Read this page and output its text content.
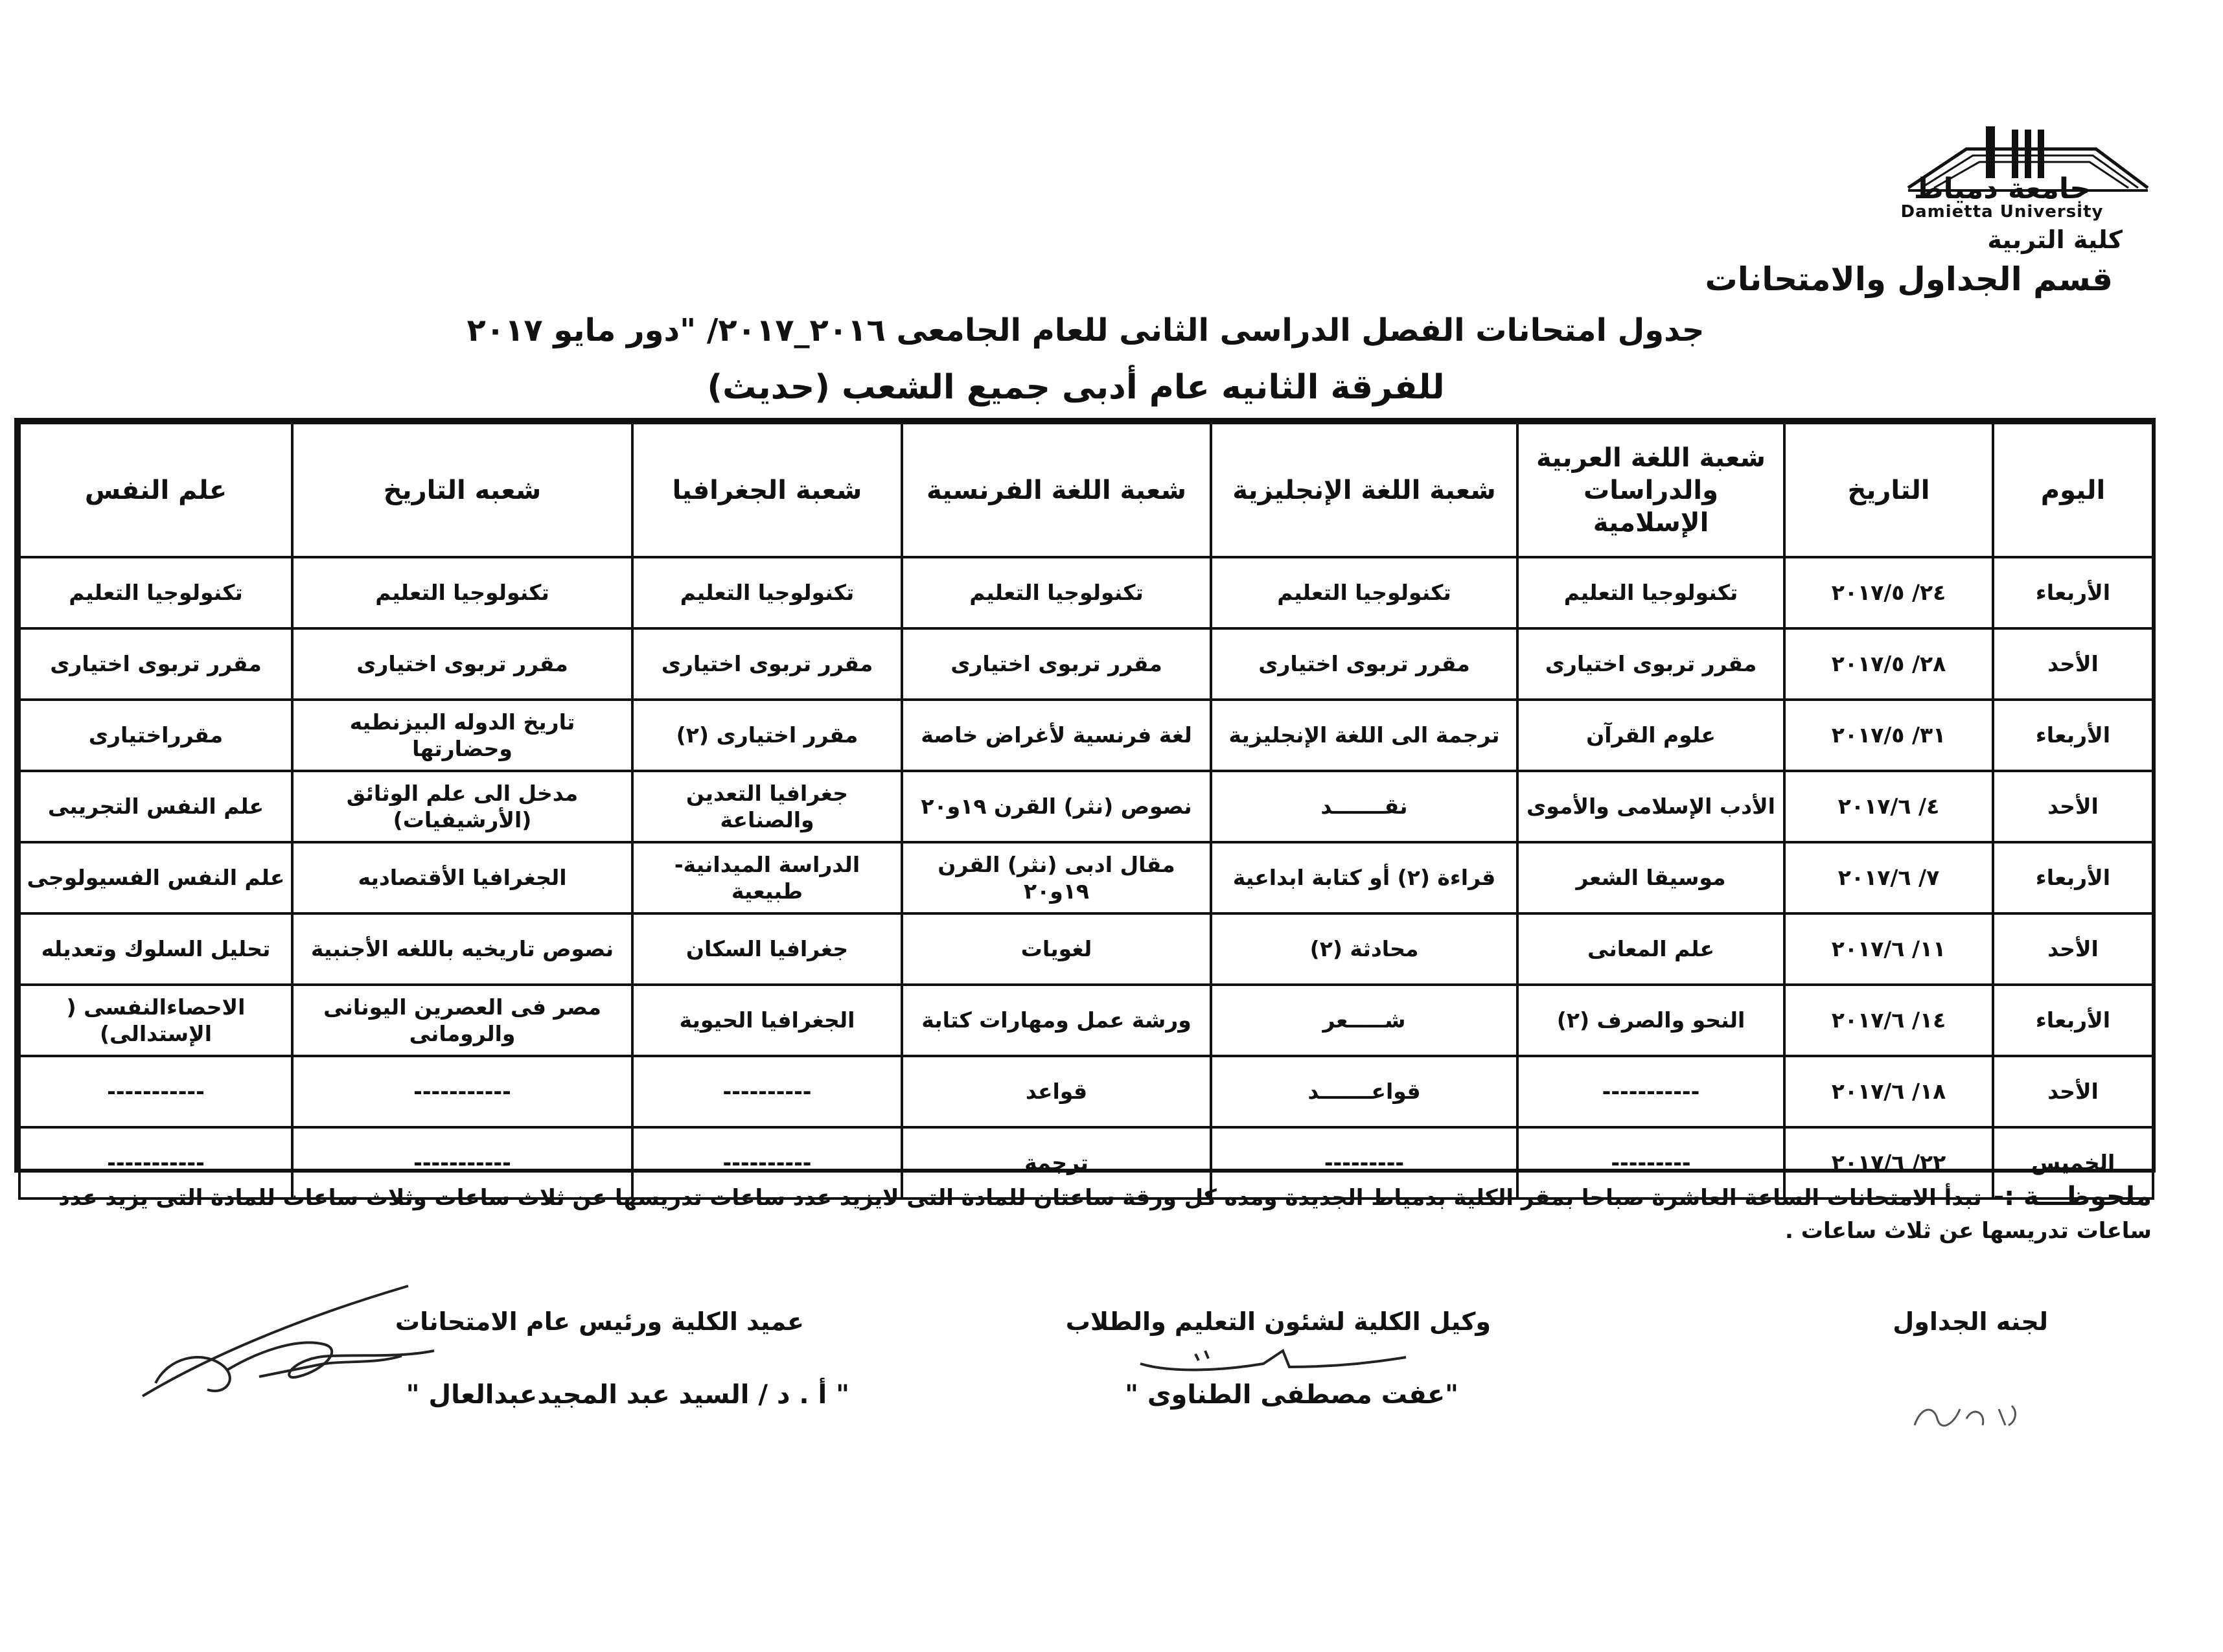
جامعة دمياط
Damietta University
كلية التربية
قسم الجداول والامتحانات
جدول امتحانات الفصل الدراسى الثانى للعام الجامعى ٢٠١٦_٢٠١٧/ "دور مايو ٢٠١٧
للفرقة الثانيه عام أدبى جميع الشعب (حديث)
اليوم	التاريخ	شعبة اللغة العربية والدراسات الإسلامية	شعبة اللغة الإنجليزية	شعبة اللغة الفرنسية	شعبة الجغرافيا	شعبه التاريخ	علم النفس
الأربعاء	٢٤/ ٢٠١٧/٥	تكنولوجيا التعليم	تكنولوجيا التعليم	تكنولوجيا التعليم	تكنولوجيا التعليم	تكنولوجيا التعليم	تكنولوجيا التعليم
الأحد	٢٨/ ٢٠١٧/٥	مقرر تربوى اختيارى	مقرر تربوى اختيارى	مقرر تربوى اختيارى	مقرر تربوى اختيارى	مقرر تربوى اختيارى	مقرر تربوى اختيارى
الأربعاء	٣١/ ٢٠١٧/٥	علوم القرآن	ترجمة الى اللغة الإنجليزية	لغة فرنسية لأغراض خاصة	مقرر اختيارى (٢)	تاريخ الدوله البيزنطيه وحضارتها	مقرراختيارى
الأحد	٤/ ٢٠١٧/٦	الأدب الإسلامى والأموى	نقـــــــد	نصوص (نثر) القرن ١٩و٢٠	جغرافيا التعدين والصناعة	مدخل الى علم الوثائق (الأرشيفيات)	علم النفس التجريبى
الأربعاء	٧/ ٢٠١٧/٦	موسيقا الشعر	قراءة (٢) أو كتابة ابداعية	مقال ادبى (نثر) القرن ١٩و٢٠	الدراسة الميدانية- طبيعية	الجغرافيا الأقتصاديه	علم النفس الفسيولوجى
الأحد	١١/ ٢٠١٧/٦	علم المعانى	محادثة (٢)	لغويات	جغرافيا السكان	نصوص تاريخيه باللغه الأجنبية	تحليل السلوك وتعديله
الأربعاء	١٤/ ٢٠١٧/٦	النحو والصرف (٢)	شـــــعر	ورشة عمل ومهارات كتابة	الجغرافيا الحيوية	مصر فى العصرين اليونانى والرومانى	الاحصاءالنفسى ( الإستدالى)
الأحد	١٨/ ٢٠١٧/٦	-----------	قواعـــــــد	قواعد	----------	-----------	-----------
الخميس	٢٢/ ٢٠١٧/٦	---------	---------	ترجمة	----------	-----------	-----------
ملحوظـــة :-تبدأ الامتحانات الساعة العاشرة صباحا بمقر الكلية بدمياط الجديدة ومده كل ورقة ساعتان للمادة التى لايزيد عدد ساعات تدريسها عن ثلاث ساعات وثلاث ساعات للمادة التى يزيد عدد ساعات تدريسها عن ثلاث ساعات .
لجنه الجداول
وكيل الكلية لشئون التعليم والطلاب
"عفت مصطفى الطناوى "
عميد الكلية ورئيس عام الامتحانات
" أ . د / السيد عبد المجيدعبدالعال "
